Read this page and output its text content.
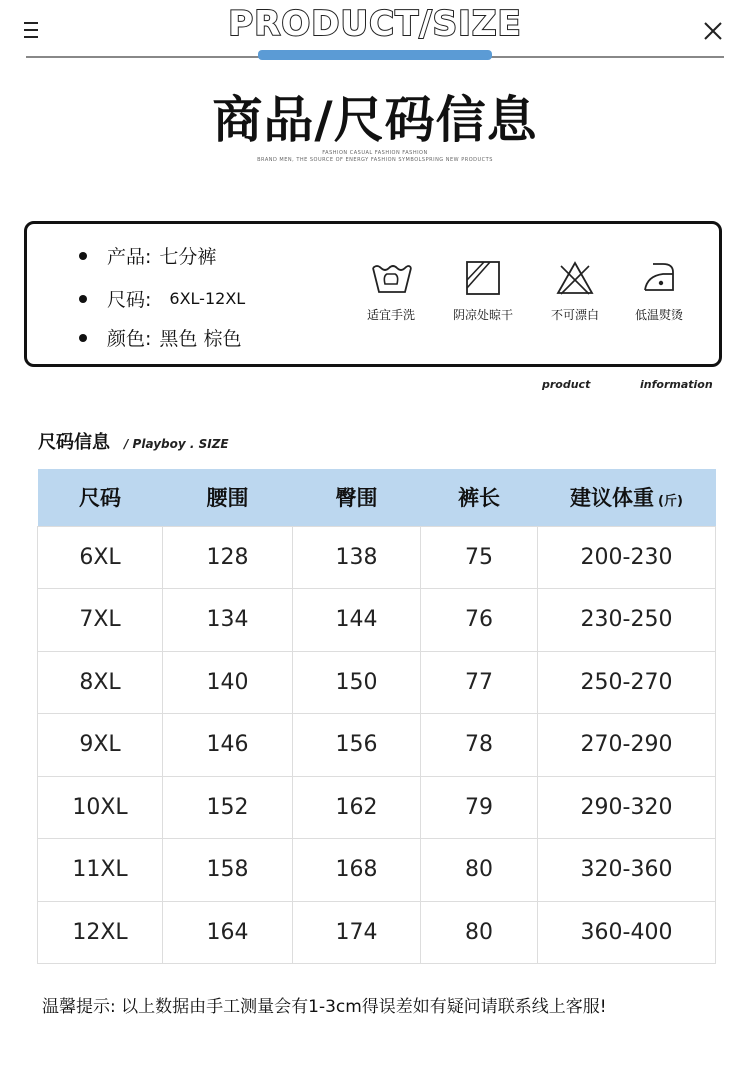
PRODUCT/SIZE
商品/尺码信息
FASHION CASUAL FASHION FASHION
BRAND MEN, THE SOURCE OF ENERGY FASHION SYMBOLSPRING NEW PRODUCTS
产品: 七分裤
尺码: 6XL-12XL
颜色: 黑色 棕色
适宜手洗	阴凉处晾干	不可漂白	低温熨烫
product	information
尺码信息 / Playboy . SIZE
尺码	腰围	臀围	裤长	建议体重 (斤)
6XL	128	138	75	200-230
7XL	134	144	76	230-250
8XL	140	150	77	250-270
9XL	146	156	78	270-290
10XL	152	162	79	290-320
11XL	158	168	80	320-360
12XL	164	174	80	360-400
温馨提示: 以上数据由手工测量会有1-3cm得误差如有疑问请联系线上客服!
